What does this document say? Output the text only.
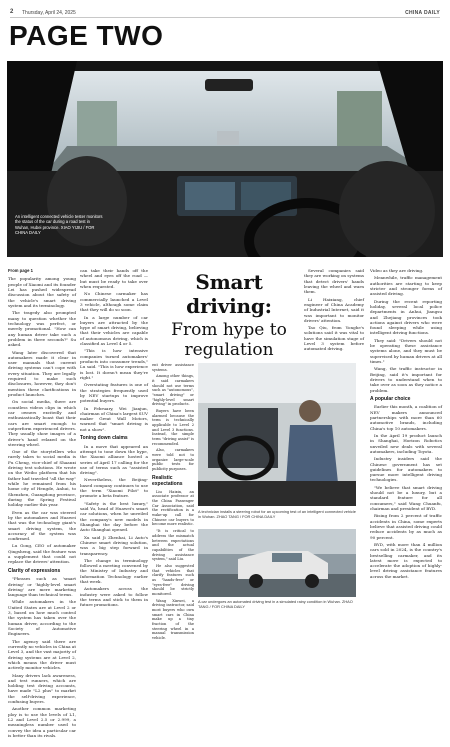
2 Thursday, April 24, 2025	CHINA DAILY
PAGE TWO
An intelligent connected vehicle tester monitors the status of the car during a road test in Wuhan, Hubei province. XIAO YIJIU / FOR CHINA DAILY
From page 1

The popularity among young people of Xiaomi and its founder Lei has pushed widespread discussion about the safety of the vehicle's smart driving system and its terminology.

The tragedy also prompted many to question whether the technology was perfect, or merely promotional. "How can any human driver take such a problem in three seconds?" Su asked.

Wang later discovered that automakers made it clear in user manuals that current driving systems can't cope with every situation. They are legally required to make such disclosures, however, they don't mention these clarifications in product launches.

On social media, there are countless videos clips in which car owners excitedly and enthusiastically boast that their cars are smart enough to outperform experienced drivers. They usually show images of a driver's hand relaxed on the steering wheel.

One of the storytellers who rarely takes to social media is Fu Cheng, vice-chief of Shaanxi driving test solutions. He wrote on the Weibo platform that his father had traveled "all the way" while he remained from his home city of Hengde, Anhui, to Shenzhen, Guangdong province, during the Spring Festival holiday earlier this year.

Even as the car was steered by the automakers and Huawei that was the technology giant's smart driving system, the accuracy of the system was confirmed.

Lu Gong, CEO of automaker Qingsheng, said the feature was a supplement that could not replace the drivers' attention.

Clarity of expressions

"Phrases such as 'smart driving' or 'highly-level smart driving' are mere marketing language than technical terms.

While automakers in the United States are at Level 2 or 3, based on how much control the system has taken over the human driver, according to the Society of Automotive Engineers.

The agency said there are currently no vehicles in China at Level 3, and the vast majority of driving systems are at Level 2, which means the driver must actively monitor vehicles.

Many drivers lack awareness, and test runners, which are holding test driving accounts, have made "L2 plus" to market the self-driving experience, confusing buyers.

Another common marketing ploy is to use the levels of L1, L2 and Level 2.5 or 2.999, a meaningless number used to convey the idea a particular car is better than its rivals.

can take their hands off the wheel and eyes off the road — but must be ready to take over when requested.

No Chinese carmaker has commercially launched a Level 3 vehicle, although some claim that they will do so soon.

In a large number of car buyers are attracted by the hype of smart driving, believing that their vehicles are capable of autonomous driving, which is classified as Level 4 or 5.

"This is how intensive companies turned automakers' products into consumer trends," Lu said. "This is how experience is lost. It doesn't mean they're right."

Overstating features is one of the strategies frequently used by NEV startups to improve potential buyers.

In February, Wei Jianjun, chairman of China's largest SUV maker Great Wall Motors, warned that "smart driving is not a show".

Toning down claims

In a move that appeared an attempt to tone down the hype, the Xiaomi alliance hosted a series of April 17 calling for the use of terms such as "assisted driving".

Nevertheless, the Beijing-based company continues to use the term "Xiaomi Pilot" to promote a beta feature.

"Safety is the best luxury," said Yu, head of Huawei's smart car solutions, when he unveiled the company's new models in Shanghai the day before the Auto Shanghai opened.

Xu said Ji Zhenhai, Li Auto's Chinese smart driving solution, was a big step forward in transparency.

The change in terminology followed a meeting convened by the Ministry of Industry and Information Technology earlier that week.

Automakers across the industry were asked to follow the terms and stick to them in future promotions.

Smart driving:
From hype to regulation

ent driver assistance systems.

Among other things, it said carmakers should not use terms such as "autonomous", "smart driving" or "highly-level smart driving" in products.

Buyers have been alarmed because the term is technically applicable to Level 2 and Level 3 functions. Instead, the simple term "driving assist" is recommended.

Also, carmakers were told not to organize large-scale public tests for publicity purposes.

Realistic expectations

Liu Haixin, an associate professor at the China Passenger Car Association, said the rectification is a wake-up call for Chinese car buyers to become more realistic.

"It is critical to address the mismatch between expectations and the actual capabilities of the driving assistance system," said Liu.

He also suggested that vehicles that clarify features such as "hands-free" or "eyes-free" driving should be strictly monitored.

Wang Xinwei, a driving instructor, said most buyers who own smart cars in China make up a tiny fraction of the steering wheel in a manual transmission vehicle.

Several companies said they are working on systems that detect drivers' hands leaving the wheel and warn them.

Li Haixiang, chief engineer of China Academy of Industrial Internet, said it was important to monitor drivers' attention.

Tao Qiu, from Yonghe's solutions said it was vital to have the simulation stage of Level 3 system before automated driving.

A technician installs a steering robot for an upcoming test of an intelligent connected vehicle in Wuhan. ZHAO TANG / FOR CHINA DAILY
A car undergoes an automated driving test in a simulated rainy condition in Wuhan. ZHAO TANG / FOR CHINA DAILY

Video as they are driving.

Meanwhile, traffic management authorities are starting to keep stricter and stronger forms of assisted driving.

During the recent reporting holiday, several local police departments in Anhui, Jiangsu and Zhejiang provinces took actions against drivers who were found sleeping while using intelligent driving functions.

They said: "Drivers should not be operating these assistance systems alone, and they must be supervised by human drivers at all times."

Wang, the traffic instructor in Beijing, said it's important for drivers to understand when to take over as soon as they notice a problem.

A popular choice

Earlier this month, a coalition of NEV makers announced partnerships with more than 60 automotive brands, including China's top 10 automakers.

In the April 19 product launch in Shanghai, Horizon Robotics unveiled new deals with several automakers, including Toyota.

Industry insiders said the Chinese government has set guidelines for automakers to pursue more intelligent driving technologies.

"We believe that smart driving should not be a luxury, but a standard feature for all consumers," said Wang Chuanfu, chairman and president of BYD.

Rising from 2 percent of traffic accidents in China, some experts believe that assisted driving could reduce accidents by as much as 90 percent.

BYD, with more than 4 million cars sold in 2024, is the country's bestselling carmaker, and its latest move is expected to accelerate the adoption of highly-level driving assistance features across the market.
